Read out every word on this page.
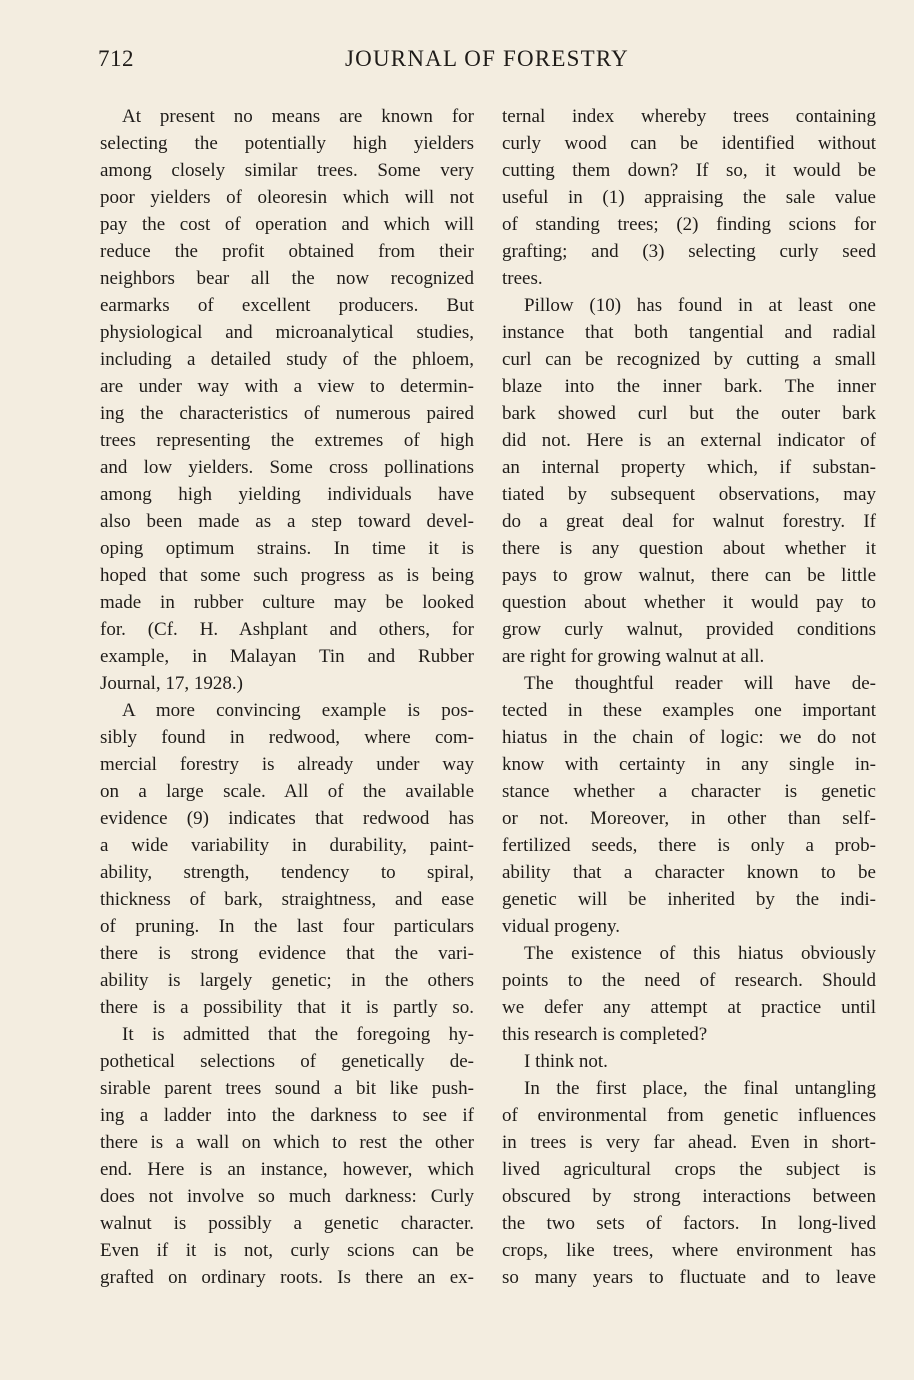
712	JOURNAL OF FORESTRY
At present no means are known for
selecting the potentially high yielders
among closely similar trees. Some very
poor yielders of oleoresin which will not
pay the cost of operation and which will
reduce the profit obtained from their
neighbors bear all the now recognized
earmarks of excellent producers. But
physiological and microanalytical studies,
including a detailed study of the phloem,
are under way with a view to determin-
ing the characteristics of numerous paired
trees representing the extremes of high
and low yielders. Some cross pollinations
among high yielding individuals have
also been made as a step toward devel-
oping optimum strains. In time it is
hoped that some such progress as is being
made in rubber culture may be looked
for. (Cf. H. Ashplant and others, for
example, in Malayan Tin and Rubber
Journal, 17, 1928.)
A more convincing example is pos-
sibly found in redwood, where com-
mercial forestry is already under way
on a large scale. All of the available
evidence (9) indicates that redwood has
a wide variability in durability, paint-
ability, strength, tendency to spiral,
thickness of bark, straightness, and ease
of pruning. In the last four particulars
there is strong evidence that the vari-
ability is largely genetic; in the others
there is a possibility that it is partly so.
It is admitted that the foregoing hy-
pothetical selections of genetically de-
sirable parent trees sound a bit like push-
ing a ladder into the darkness to see if
there is a wall on which to rest the other
end. Here is an instance, however, which
does not involve so much darkness: Curly
walnut is possibly a genetic character.
Even if it is not, curly scions can be
grafted on ordinary roots. Is there an ex-
ternal index whereby trees containing
curly wood can be identified without
cutting them down? If so, it would be
useful in (1) appraising the sale value
of standing trees; (2) finding scions for
grafting; and (3) selecting curly seed
trees.
Pillow (10) has found in at least one
instance that both tangential and radial
curl can be recognized by cutting a small
blaze into the inner bark. The inner
bark showed curl but the outer bark
did not. Here is an external indicator of
an internal property which, if substan-
tiated by subsequent observations, may
do a great deal for walnut forestry. If
there is any question about whether it
pays to grow walnut, there can be little
question about whether it would pay to
grow curly walnut, provided conditions
are right for growing walnut at all.
The thoughtful reader will have de-
tected in these examples one important
hiatus in the chain of logic: we do not
know with certainty in any single in-
stance whether a character is genetic
or not. Moreover, in other than self-
fertilized seeds, there is only a prob-
ability that a character known to be
genetic will be inherited by the indi-
vidual progeny.
The existence of this hiatus obviously
points to the need of research. Should
we defer any attempt at practice until
this research is completed?
I think not.
In the first place, the final untangling
of environmental from genetic influences
in trees is very far ahead. Even in short-
lived agricultural crops the subject is
obscured by strong interactions between
the two sets of factors. In long-lived
crops, like trees, where environment has
so many years to fluctuate and to leave
